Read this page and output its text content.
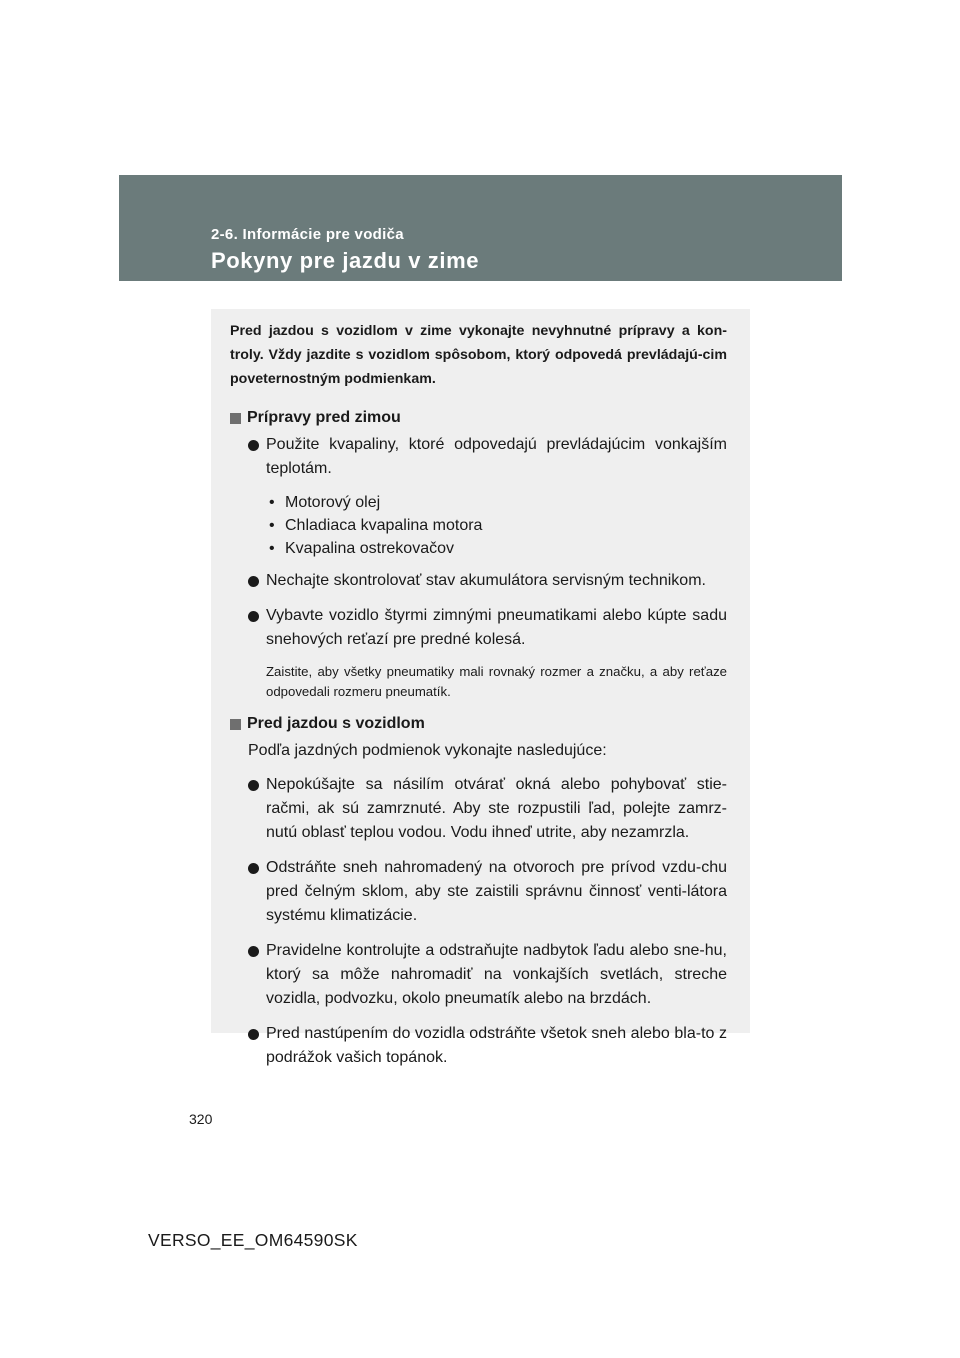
2-6. Informácie pre vodiča
Pokyny pre jazdu v zime

Pred jazdou s vozidlom v zime vykonajte nevyhnutné prípravy a kon-troly. Vždy jazdite s vozidlom spôsobom, ktorý odpovedá prevládajú-cim poveternostným podmienkam.

Prípravy pred zimou
Použite kvapaliny, ktoré odpovedajú prevládajúcim vonkajším teplotám.

• Motorový olej

• Chladiaca kvapalina motora

• Kvapalina ostrekovačov

Nechajte skontrolovať stav akumulátora servisným technikom.
Vybavte vozidlo štyrmi zimnými pneumatikami alebo kúpte sadu snehových reťazí pre predné kolesá.

Zaistite, aby všetky pneumatiky mali rovnaký rozmer a značku, a aby reťaze odpovedali rozmeru pneumatík.

Pred jazdou s vozidlom

Podľa jazdných podmienok vykonajte nasledujúce:

Nepokúšajte sa násilím otvárať okná alebo pohybovať stie-račmi, ak sú zamrznuté. Aby ste rozpustili ľad, polejte zamrz-nutú oblasť teplou vodou. Vodu ihneď utrite, aby nezamrzla.
Odstráňte sneh nahromadený na otvoroch pre prívod vzdu-chu pred čelným sklom, aby ste zaistili správnu činnosť venti-látora systému klimatizácie.
Pravidelne kontrolujte a odstraňujte nadbytok ľadu alebo sne-hu, ktorý sa môže nahromadiť na vonkajších svetlách, streche vozidla, podvozku, okolo pneumatík alebo na brzdách.
Pred nastúpením do vozidla odstráňte všetok sneh alebo bla-to z podrážok vašich topánok.
320
VERSO_EE_OM64590SK
